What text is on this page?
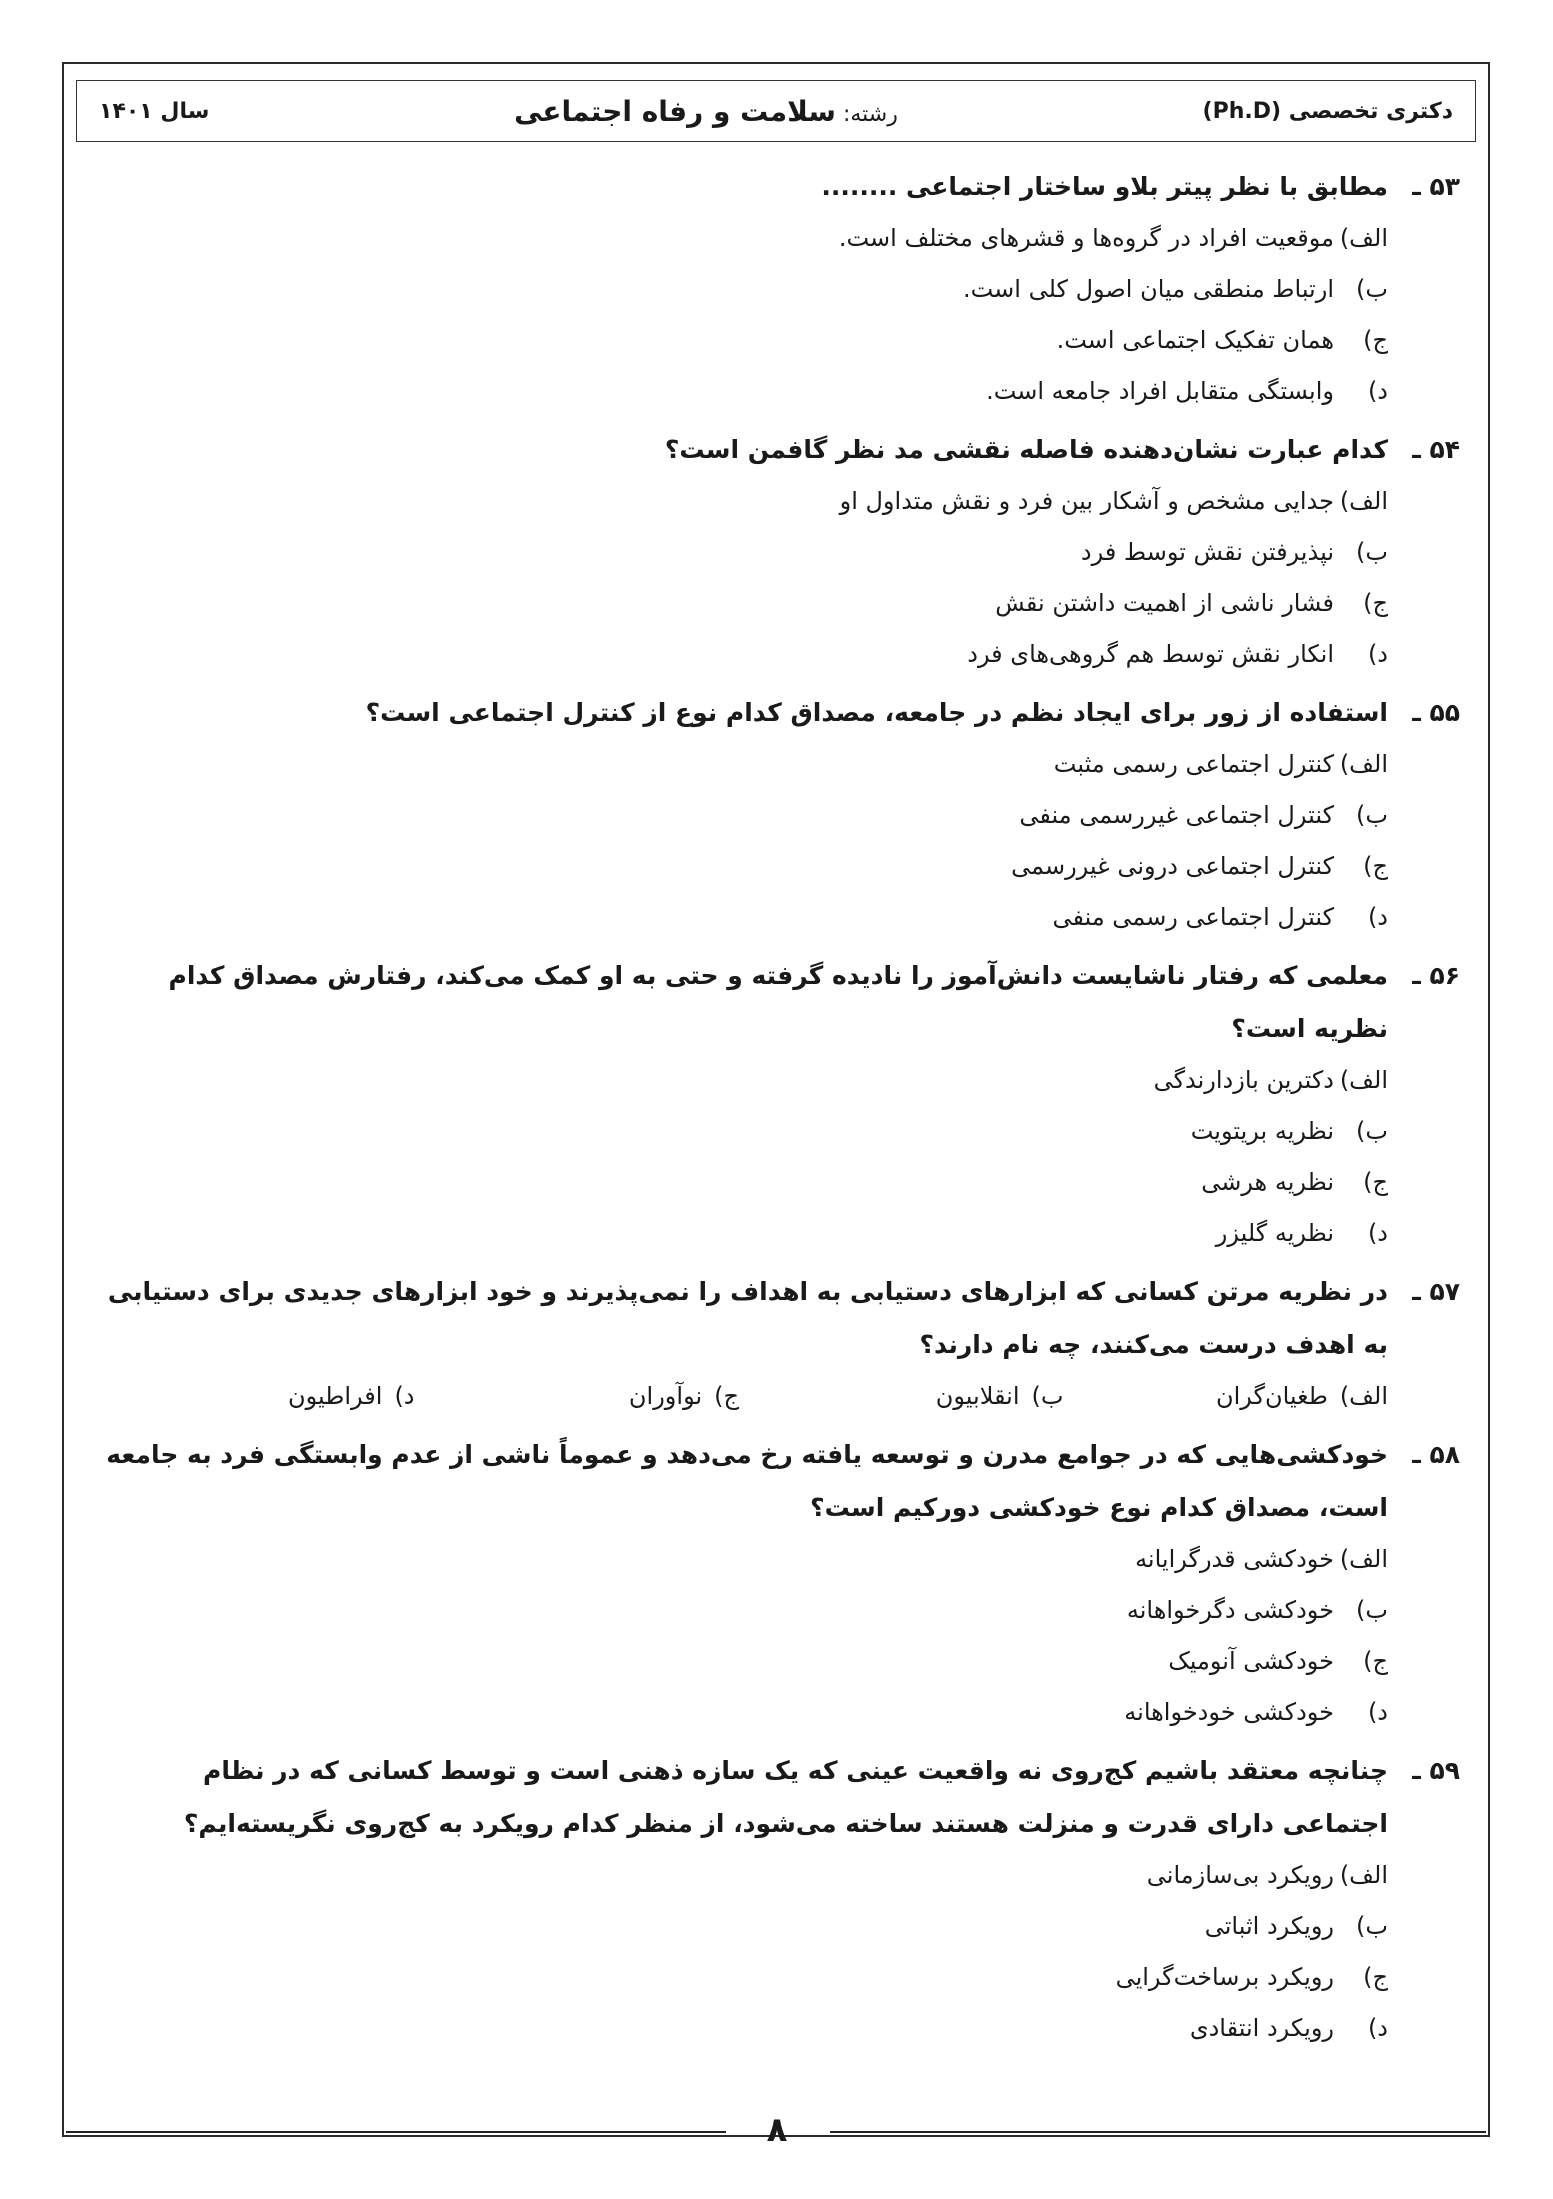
دکتری تخصصی (Ph.D)
رشته: سلامت و رفاه اجتماعی
سال ۱۴۰۱
۵۳ ـ
مطابق با نظر پیتر بلاو ساختار اجتماعی ........
الف)
موقعیت افراد در گروه‌ها و قشرهای مختلف است.
ب)
ارتباط منطقی میان اصول کلی است.
ج)
همان تفکیک اجتماعی است.
د)
وابستگی متقابل افراد جامعه است.
۵۴ ـ
کدام عبارت نشان‌دهنده فاصله نقشی مد نظر گافمن است؟
الف)
جدایی مشخص و آشکار بین فرد و نقش متداول او
ب)
نپذیرفتن نقش توسط فرد
ج)
فشار ناشی از اهمیت داشتن نقش
د)
انکار نقش توسط هم گروهی‌های فرد
۵۵ ـ
استفاده از زور برای ایجاد نظم در جامعه، مصداق کدام نوع از کنترل اجتماعی است؟
الف)
کنترل اجتماعی رسمی مثبت
ب)
کنترل اجتماعی غیررسمی منفی
ج)
کنترل اجتماعی درونی غیررسمی
د)
کنترل اجتماعی رسمی منفی
۵۶ ـ
معلمی که رفتار ناشایست دانش‌آموز را نادیده گرفته و حتی به او کمک می‌کند، رفتارش مصداق کدام نظریه است؟
الف)
دکترین بازدارندگی
ب)
نظریه بریتویت
ج)
نظریه هرشی
د)
نظریه گلیزر
۵۷ ـ
در نظریه مرتن کسانی که ابزارهای دستیابی به اهداف را نمی‌پذیرند و خود ابزارهای جدیدی برای دستیابی به اهدف درست می‌کنند، چه نام دارند؟
الف)
طغیان‌گران
ب)
انقلابیون
ج)
نوآوران
د)
افراطیون
۵۸ ـ
خودکشی‌هایی که در جوامع مدرن و توسعه یافته رخ می‌دهد و عموماً ناشی از عدم وابستگی فرد به جامعه است، مصداق کدام نوع خودکشی دورکیم است؟
الف)
خودکشی قدرگرایانه
ب)
خودکشی دگرخواهانه
ج)
خودکشی آنومیک
د)
خودکشی خودخواهانه
۵۹ ـ
چنانچه معتقد باشیم کج‌روی نه واقعیت عینی که یک سازه ذهنی است و توسط کسانی که در نظام اجتماعی دارای قدرت و منزلت هستند ساخته می‌شود، از منظر کدام رویکرد به کج‌روی نگریسته‌ایم؟
الف)
رویکرد بی‌سازمانی
ب)
رویکرد اثباتی
ج)
رویکرد برساخت‌گرایی
د)
رویکرد انتقادی
۸
